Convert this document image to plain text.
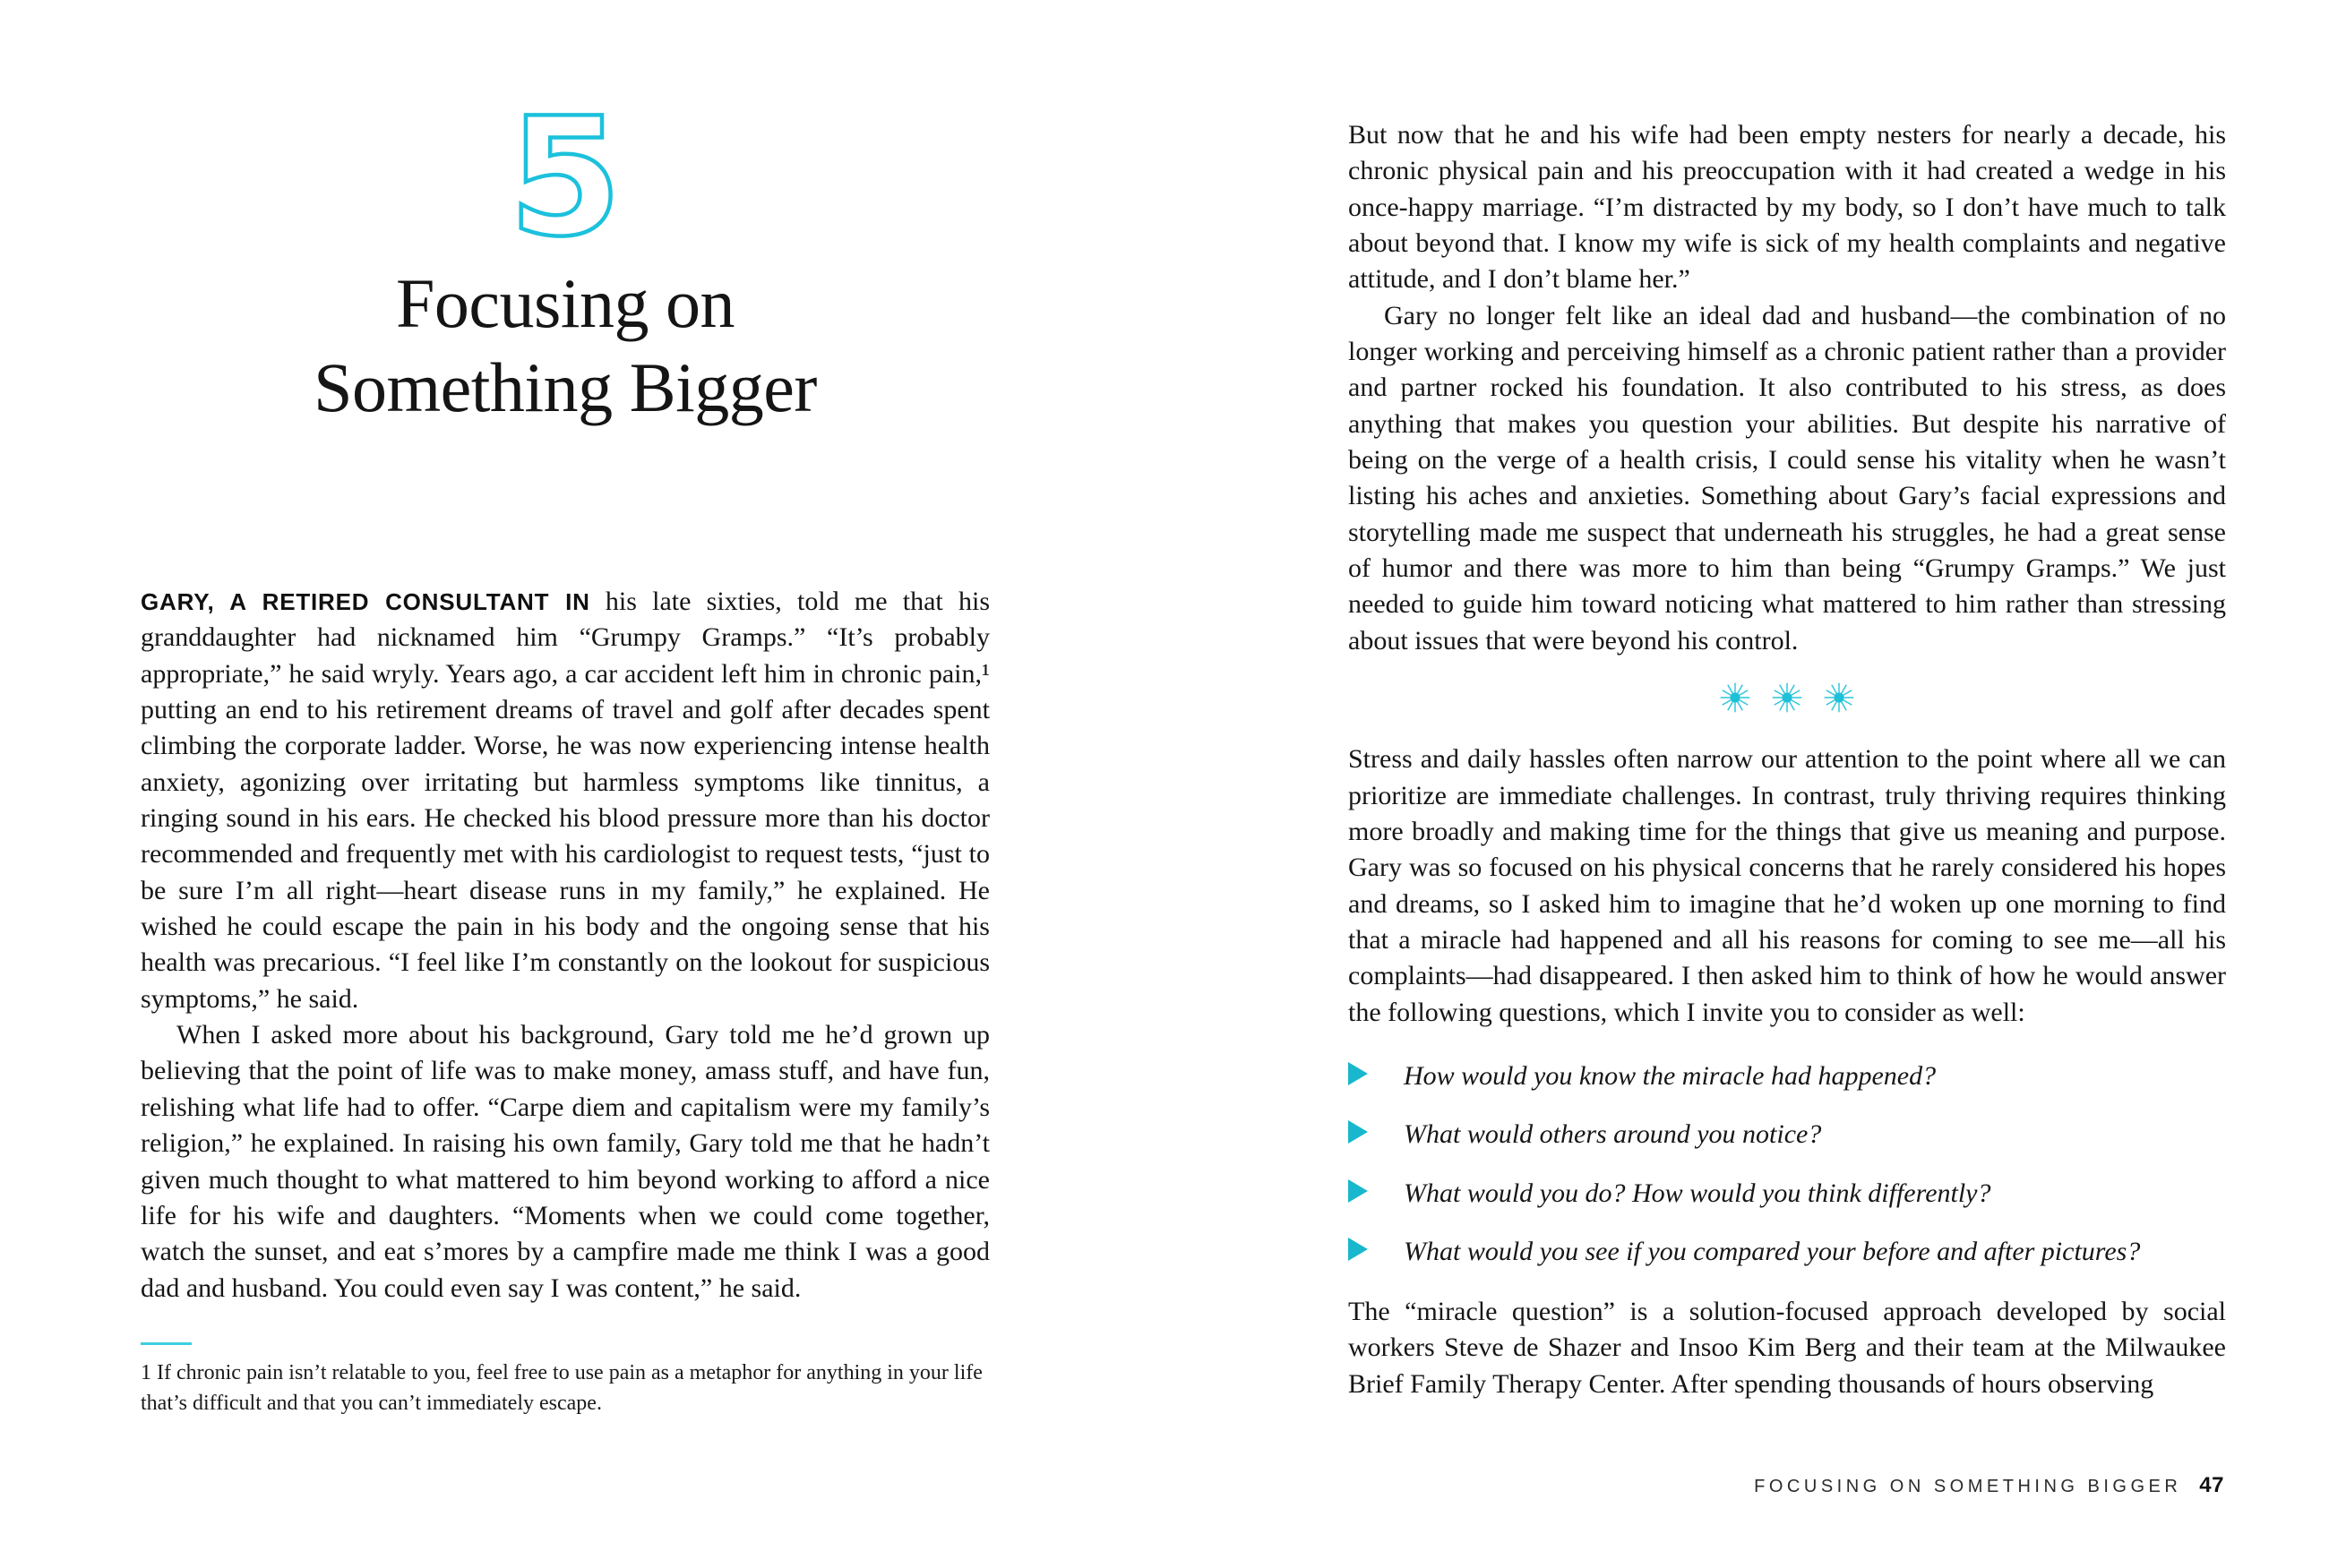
5
Focusing on
Something Bigger

GARY, A RETIRED CONSULTANT IN his late sixties, told me that his granddaughter had nicknamed him “Grumpy Gramps.” “It’s probably appropriate,” he said wryly. Years ago, a car accident left him in chronic pain,¹ putting an end to his retirement dreams of travel and golf after decades spent climbing the corporate ladder. Worse, he was now experiencing intense health anxiety, agonizing over irritating but harmless symptoms like tinnitus, a ringing sound in his ears. He checked his blood pressure more than his doctor recommended and frequently met with his cardiologist to request tests, “just to be sure I’m all right—heart disease runs in my family,” he explained. He wished he could escape the pain in his body and the ongoing sense that his health was precarious. “I feel like I’m constantly on the lookout for suspicious symptoms,” he said.

When I asked more about his background, Gary told me he’d grown up believing that the point of life was to make money, amass stuff, and have fun, relishing what life had to offer. “Carpe diem and capitalism were my family’s religion,” he explained. In raising his own family, Gary told me that he hadn’t given much thought to what mattered to him beyond working to afford a nice life for his wife and daughters. “Moments when we could come together, watch the sunset, and eat s’mores by a campfire made me think I was a good dad and husband. You could even say I was content,” he said.

1 If chronic pain isn’t relatable to you, feel free to use pain as a metaphor for anything in your life that’s difficult and that you can’t immediately escape.

But now that he and his wife had been empty nesters for nearly a decade, his chronic physical pain and his preoccupation with it had created a wedge in his once-happy marriage. “I’m distracted by my body, so I don’t have much to talk about beyond that. I know my wife is sick of my health complaints and negative attitude, and I don’t blame her.”

Gary no longer felt like an ideal dad and husband—the combination of no longer working and perceiving himself as a chronic patient rather than a provider and partner rocked his foundation. It also contributed to his stress, as does anything that makes you question your abilities. But despite his narrative of being on the verge of a health crisis, I could sense his vitality when he wasn’t listing his aches and anxieties. Something about Gary’s facial expressions and storytelling made me suspect that underneath his struggles, he had a great sense of humor and there was more to him than being “Grumpy Gramps.” We just needed to guide him toward noticing what mattered to him rather than stressing about issues that were beyond his control.

Stress and daily hassles often narrow our attention to the point where all we can prioritize are immediate challenges. In contrast, truly thriving requires thinking more broadly and making time for the things that give us meaning and purpose. Gary was so focused on his physical concerns that he rarely considered his hopes and dreams, so I asked him to imagine that he’d woken up one morning to find that a miracle had happened and all his reasons for coming to see me—all his complaints—had disappeared. I then asked him to think of how he would answer the following questions, which I invite you to consider as well:

How would you know the miracle had happened?
What would others around you notice?
What would you do? How would you think differently?
What would you see if you compared your before and after pictures?

The “miracle question” is a solution-focused approach developed by social workers Steve de Shazer and Insoo Kim Berg and their team at the Milwaukee Brief Family Therapy Center. After spending thousands of hours observing

FOCUSING ON SOMETHING BIGGER 47
